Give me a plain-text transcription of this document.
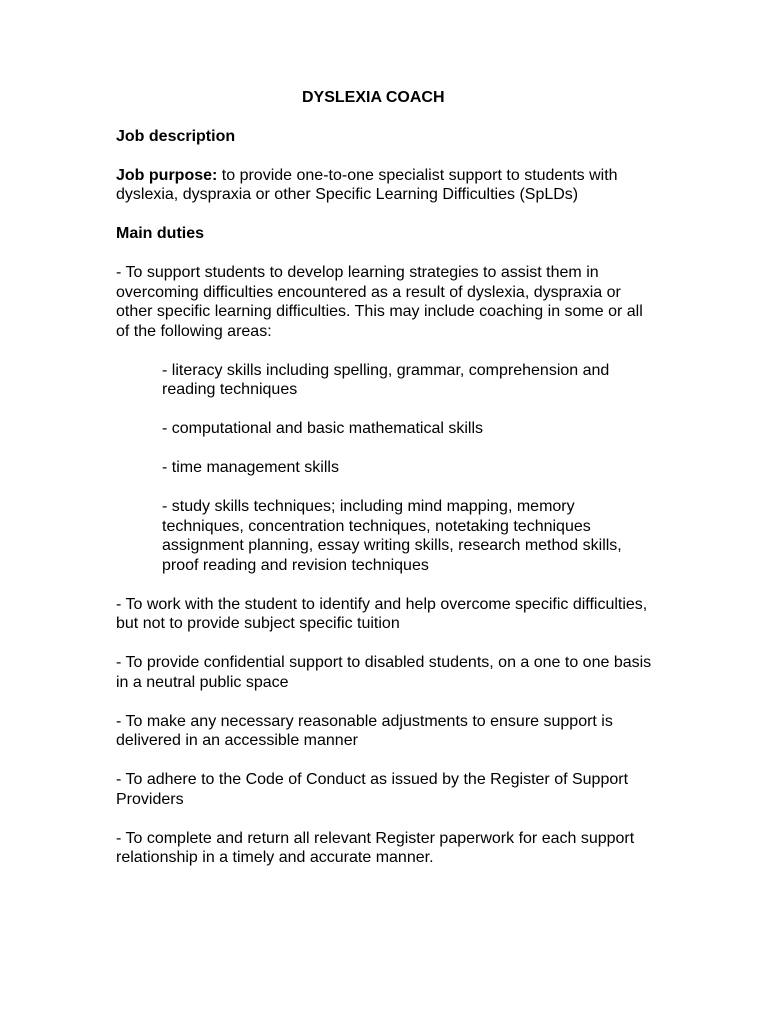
DYSLEXIA COACH

Job description

Job purpose: to provide one-to-one specialist support to students with dyslexia, dyspraxia or other Specific Learning Difficulties (SpLDs)

Main duties

- To support students to develop learning strategies to assist them in overcoming difficulties encountered as a result of dyslexia, dyspraxia or other specific learning difficulties. This may include coaching in some or all of the following areas:

- literacy skills including spelling, grammar, comprehension and reading techniques

- computational and basic mathematical skills

- time management skills

- study skills techniques; including mind mapping, memory techniques, concentration techniques, notetaking techniques assignment planning, essay writing skills, research method skills, proof reading and revision techniques

- To work with the student to identify and help overcome specific difficulties, but not to provide subject specific tuition

- To provide confidential support to disabled students, on a one to one basis in a neutral public space

- To make any necessary reasonable adjustments to ensure support is delivered in an accessible manner

- To adhere to the Code of Conduct as issued by the Register of Support Providers

- To complete and return all relevant Register paperwork for each support relationship in a timely and accurate manner.
